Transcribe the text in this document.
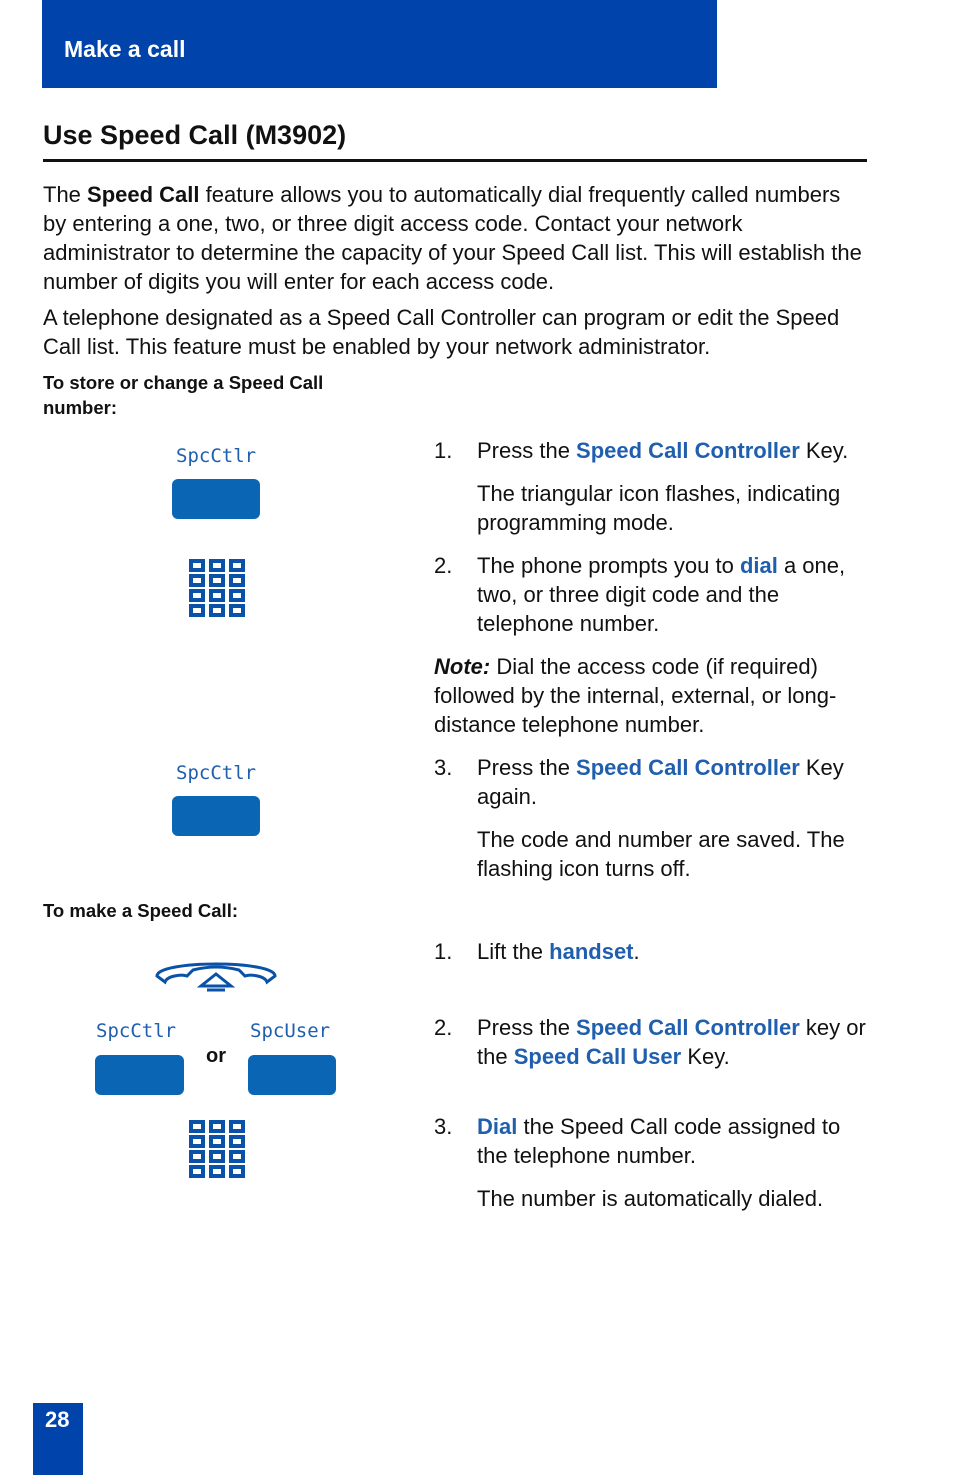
Make a call
Use Speed Call (M3902)
The Speed Call feature allows you to automatically dial frequently called numbers by entering a one, two, or three digit access code. Contact your network administrator to determine the capacity of your Speed Call list. This will establish the number of digits you will enter for each access code.
A telephone designated as a Speed Call Controller can program or edit the Speed Call list. This feature must be enabled by your network administrator.
To store or change a Speed Call number:
SpcCtlr
SpcCtlr
1. Press the Speed Call Controller Key.
The triangular icon flashes, indicating programming mode.
2. The phone prompts you to dial a one, two, or three digit code and the telephone number.
Note: Dial the access code (if required) followed by the internal, external, or long-distance telephone number.
3. Press the Speed Call Controller Key again.
The code and number are saved. The flashing icon turns off.
To make a Speed Call:
SpcCtlr	SpcUser
or
1. Lift the handset.
2. Press the Speed Call Controller key or the Speed Call User Key.
3. Dial the Speed Call code assigned to the telephone number.
The number is automatically dialed.
28
